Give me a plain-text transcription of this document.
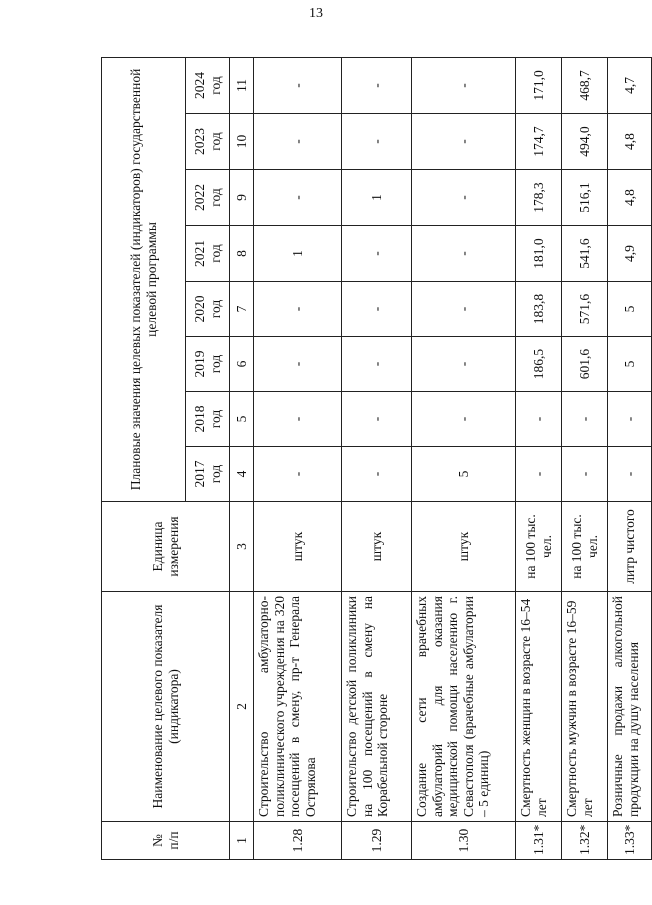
13
№
п/п	Наименование целевого показателя (индикатора)	Единица измерения	Плановые значения целевых показателей (индикаторов) государственной целевой программы							
			2017 год	2018 год	2019 год	2020 год	2021 год	2022 год	2023 год	2024 год
1	2	3	4	5	6	7	8	9	10	11
1.28	Строительство амбулаторно-поликлинического учреждения на 320 посещений в смену, пр-т Генерала Острякова	штук	-	-	-	-	1	-	-	-
1.29	Строительство детской поликлиники на 100 посещений в смену на Корабельной стороне	штук	-	-	-	-	-	1	-	-
1.30	Создание сети врачебных амбулаторий для оказания медицинской помощи населению г. Севастополя (врачебные амбулатории – 5 единиц)	штук	5	-	-	-	-	-	-	-
1.31*	Смертность женщин в возрасте 16–54 лет	на 100 тыс. чел.	-	-	186,5	183,8	181,0	178,3	174,7	171,0
1.32*	Смертность мужчин в возрасте 16–59 лет	на 100 тыс. чел.	-	-	601,6	571,6	541,6	516,1	494,0	468,7
1.33*	Розничные продажи алкогольной продукции на душу населения	литр чистого	-	-	5	5	4,9	4,8	4,8	4,7
